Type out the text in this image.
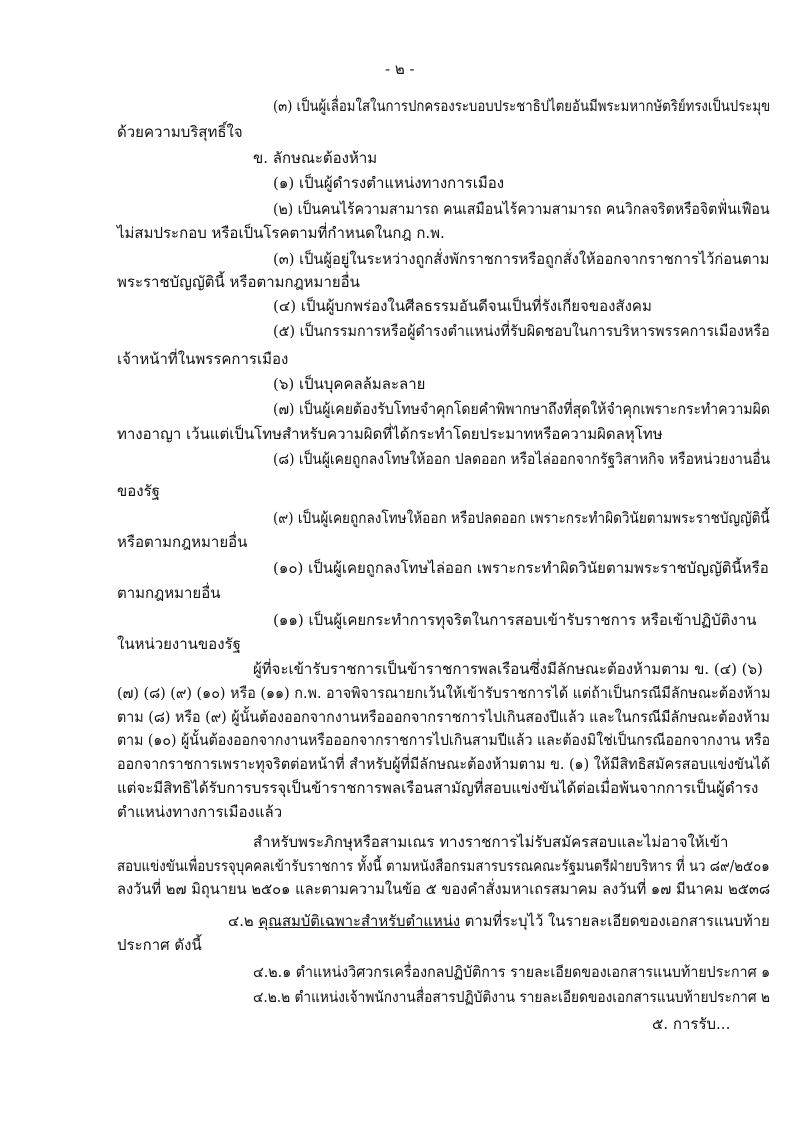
- ๒ -
(๓) เป็นผู้เลื่อมใสในการปกครองระบอบประชาธิปไตยอันมีพระมหากษัตริย์ทรงเป็นประมุข
ด้วยความบริสุทธิ์ใจ
ข. ลักษณะต้องห้าม
(๑) เป็นผู้ดำรงตำแหน่งทางการเมือง
(๒) เป็นคนไร้ความสามารถ คนเสมือนไร้ความสามารถ คนวิกลจริตหรือจิตฟั่นเฟือน
ไม่สมประกอบ หรือเป็นโรคตามที่กำหนดในกฎ ก.พ.
(๓) เป็นผู้อยู่ในระหว่างถูกสั่งพักราชการหรือถูกสั่งให้ออกจากราชการไว้ก่อนตาม
พระราชบัญญัตินี้ หรือตามกฎหมายอื่น
(๔) เป็นผู้บกพร่องในศีลธรรมอันดีจนเป็นที่รังเกียจของสังคม
(๕) เป็นกรรมการหรือผู้ดำรงตำแหน่งที่รับผิดชอบในการบริหารพรรคการเมืองหรือ
เจ้าหน้าที่ในพรรคการเมือง
(๖) เป็นบุคคลล้มละลาย
(๗) เป็นผู้เคยต้องรับโทษจำคุกโดยคำพิพากษาถึงที่สุดให้จำคุกเพราะกระทำความผิด
ทางอาญา เว้นแต่เป็นโทษสำหรับความผิดที่ได้กระทำโดยประมาทหรือความผิดลหุโทษ
(๘) เป็นผู้เคยถูกลงโทษให้ออก ปลดออก หรือไล่ออกจากรัฐวิสาหกิจ หรือหน่วยงานอื่น
ของรัฐ
(๙) เป็นผู้เคยถูกลงโทษให้ออก หรือปลดออก เพราะกระทำผิดวินัยตามพระราชบัญญัตินี้
หรือตามกฎหมายอื่น
(๑๐) เป็นผู้เคยถูกลงโทษไล่ออก เพราะกระทำผิดวินัยตามพระราชบัญญัตินี้หรือ
ตามกฎหมายอื่น
(๑๑) เป็นผู้เคยกระทำการทุจริตในการสอบเข้ารับราชการ หรือเข้าปฏิบัติงาน
ในหน่วยงานของรัฐ
ผู้ที่จะเข้ารับราชการเป็นข้าราชการพลเรือนซึ่งมีลักษณะต้องห้ามตาม ข. (๔) (๖)
(๗) (๘) (๙) (๑๐) หรือ (๑๑) ก.พ. อาจพิจารณายกเว้นให้เข้ารับราชการได้ แต่ถ้าเป็นกรณีมีลักษณะต้องห้าม
ตาม (๘) หรือ (๙) ผู้นั้นต้องออกจากงานหรือออกจากราชการไปเกินสองปีแล้ว และในกรณีมีลักษณะต้องห้าม
ตาม (๑๐) ผู้นั้นต้องออกจากงานหรือออกจากราชการไปเกินสามปีแล้ว และต้องมิใช่เป็นกรณีออกจากงาน หรือ
ออกจากราชการเพราะทุจริตต่อหน้าที่ สำหรับผู้ที่มีลักษณะต้องห้ามตาม ข. (๑) ให้มีสิทธิสมัครสอบแข่งขันได้
แต่จะมีสิทธิได้รับการบรรจุเป็นข้าราชการพลเรือนสามัญที่สอบแข่งขันได้ต่อเมื่อพ้นจากการเป็นผู้ดำรง
ตำแหน่งทางการเมืองแล้ว
สำหรับพระภิกษุหรือสามเณร ทางราชการไม่รับสมัครสอบและไม่อาจให้เข้า
สอบแข่งขันเพื่อบรรจุบุคคลเข้ารับราชการ ทั้งนี้ ตามหนังสือกรมสารบรรณคณะรัฐมนตรีฝ่ายบริหาร ที่ นว ๘๙/๒๕๐๑
ลงวันที่ ๒๗ มิถุนายน ๒๕๐๑ และตามความในข้อ ๕ ของคำสั่งมหาเถรสมาคม ลงวันที่ ๑๗ มีนาคม ๒๕๓๘
๔.๒ คุณสมบัติเฉพาะสำหรับตำแหน่ง ตามที่ระบุไว้ ในรายละเอียดของเอกสารแนบท้าย
ประกาศ ดังนี้
๔.๒.๑ ตำแหน่งวิศวกรเครื่องกลปฏิบัติการ รายละเอียดของเอกสารแนบท้ายประกาศ ๑
๔.๒.๒ ตำแหน่งเจ้าพนักงานสื่อสารปฏิบัติงาน รายละเอียดของเอกสารแนบท้ายประกาศ ๒
๕. การรับ...
